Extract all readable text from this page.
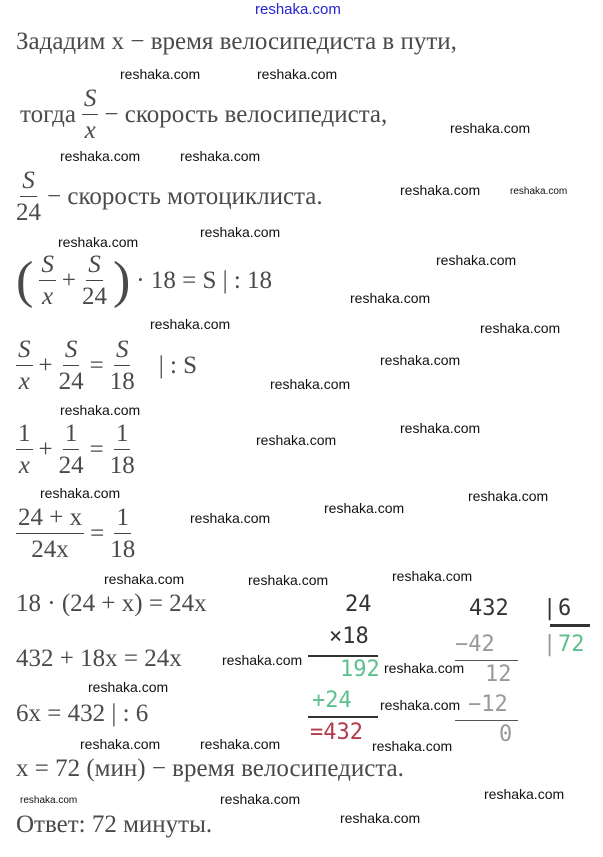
reshaka.com
Зададим x − время велосипедиста в пути,
тогда $\frac{S}{x}$ − скорость велосипедиста,
$\frac{S}{24}$ − скорость мотоциклиста.
( $\frac{S}{x} + \frac{S}{24}$ ) · 18 = S | : 18
$\frac{S}{x} + \frac{S}{24} = \frac{S}{18}$ | : S
$\frac{1}{x} + \frac{1}{24} = \frac{1}{18}$
$\frac{24 + x}{24x} = \frac{1}{18}$
18 · (24 + x) = 24x
432 + 18x = 24x
6x = 432 | : 6
x = 72 (мин) − время велосипедиста.
Ответ: 72 минуты.
24
×18
192
+24
=432
432 | 6
| 72
−42
12
−12
0
reshaka.com	reshaka.com
reshaka.com
reshaka.com	reshaka.com
reshaka.com	reshaka.com
reshaka.com
reshaka.com
reshaka.com
reshaka.com
reshaka.com
reshaka.com
reshaka.com
reshaka.com
reshaka.com
reshaka.com
reshaka.com
reshaka.com
reshaka.com
reshaka.com
reshaka.com
reshaka.com	reshaka.com	reshaka.com
reshaka.com	reshaka.com
reshaka.com
reshaka.com
reshaka.com	reshaka.com	reshaka.com
reshaka.com
reshaka.com	reshaka.com
reshaka.com
